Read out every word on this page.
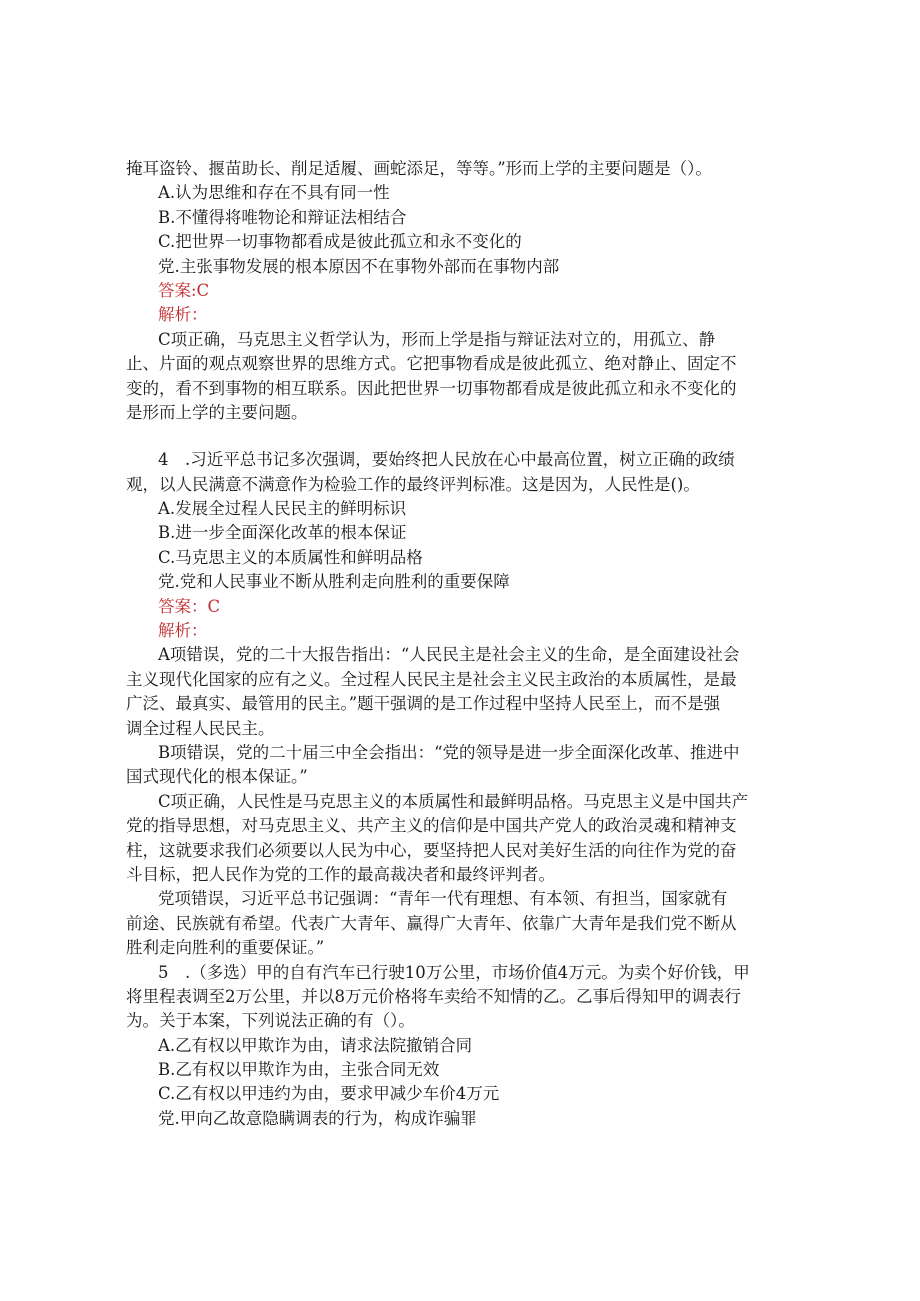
掩耳盗铃、揠苗助长、削足适履、画蛇添足，等等。”形而上学的主要问题是（）。
A.认为思维和存在不具有同一性
B.不懂得将唯物论和辩证法相结合
C.把世界一切事物都看成是彼此孤立和永不变化的
党.主张事物发展的根本原因不在事物外部而在事物内部
答案:C
解析：
C项正确，马克思主义哲学认为，形而上学是指与辩证法对立的，用孤立、静
止、片面的观点观察世界的思维方式。它把事物看成是彼此孤立、绝对静止、固定不
变的，看不到事物的相互联系。因此把世界一切事物都看成是彼此孤立和永不变化的
是形而上学的主要问题。
4　.习近平总书记多次强调，要始终把人民放在心中最高位置，树立正确的政绩
观，以人民满意不满意作为检验工作的最终评判标准。这是因为，人民性是()。
A.发展全过程人民民主的鲜明标识
B.进一步全面深化改革的根本保证
C.马克思主义的本质属性和鲜明品格
党.党和人民事业不断从胜利走向胜利的重要保障
答案：C
解析：
A项错误，党的二十大报告指出：“人民民主是社会主义的生命，是全面建设社会
主义现代化国家的应有之义。全过程人民民主是社会主义民主政治的本质属性，是最
广泛、最真实、最管用的民主。”题干强调的是工作过程中坚持人民至上，而不是强
调全过程人民民主。
B项错误，党的二十届三中全会指出：“党的领导是进一步全面深化改革、推进中
国式现代化的根本保证。”
C项正确，人民性是马克思主义的本质属性和最鲜明品格。马克思主义是中国共产
党的指导思想，对马克思主义、共产主义的信仰是中国共产党人的政治灵魂和精神支
柱，这就要求我们必须要以人民为中心，要坚持把人民对美好生活的向往作为党的奋
斗目标，把人民作为党的工作的最高裁决者和最终评判者。
党项错误，习近平总书记强调：“青年一代有理想、有本领、有担当，国家就有
前途、民族就有希望。代表广大青年、赢得广大青年、依靠广大青年是我们党不断从
胜利走向胜利的重要保证。”
5　.（多选）甲的自有汽车已行驶10万公里，市场价值4万元。为卖个好价钱，甲
将里程表调至2万公里，并以8万元价格将车卖给不知情的乙。乙事后得知甲的调表行
为。关于本案，下列说法正确的有（）。
A.乙有权以甲欺诈为由，请求法院撤销合同
B.乙有权以甲欺诈为由，主张合同无效
C.乙有权以甲违约为由，要求甲减少车价4万元
党.甲向乙故意隐瞒调表的行为，构成诈骗罪
